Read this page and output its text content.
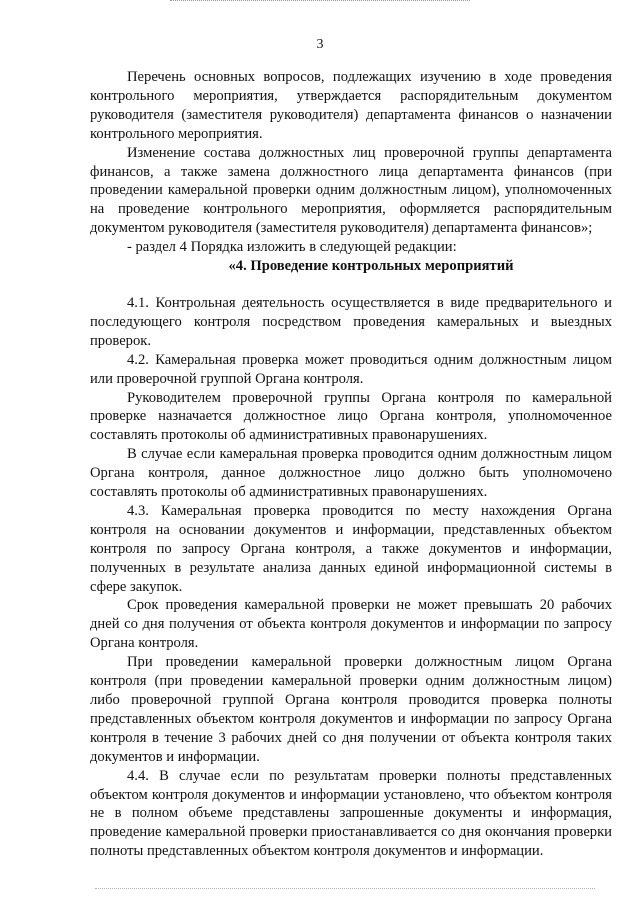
3

Перечень основных вопросов, подлежащих изучению в ходе проведения контрольного мероприятия, утверждается распорядительным документом руководителя (заместителя руководителя) департамента финансов о назначении контрольного мероприятия.

Изменение состава должностных лиц проверочной группы департамента финансов, а также замена должностного лица департамента финансов (при проведении камеральной проверки одним должностным лицом), уполномоченных на проведение контрольного мероприятия, оформляется распорядительным документом руководителя (заместителя руководителя) департамента финансов»;

- раздел 4 Порядка изложить в следующей редакции:

«4. Проведение контрольных мероприятий

4.1. Контрольная деятельность осуществляется в виде предварительного и последующего контроля посредством проведения камеральных и выездных проверок.

4.2. Камеральная проверка может проводиться одним должностным лицом или проверочной группой Органа контроля.

Руководителем проверочной группы Органа контроля по камеральной проверке назначается должностное лицо Органа контроля, уполномоченное составлять протоколы об административных правонарушениях.

В случае если камеральная проверка проводится одним должностным лицом Органа контроля, данное должностное лицо должно быть уполномочено составлять протоколы об административных правонарушениях.

4.3. Камеральная проверка проводится по месту нахождения Органа контроля на основании документов и информации, представленных объектом контроля по запросу Органа контроля, а также документов и информации, полученных в результате анализа данных единой информационной системы в сфере закупок.

Срок проведения камеральной проверки не может превышать 20 рабочих дней со дня получения от объекта контроля документов и информации по запросу Органа контроля.

При проведении камеральной проверки должностным лицом Органа контроля (при проведении камеральной проверки одним должностным лицом) либо проверочной группой Органа контроля проводится проверка полноты представленных объектом контроля документов и информации по запросу Органа контроля в течение 3 рабочих дней со дня получении от объекта контроля таких документов и информации.

4.4. В случае если по результатам проверки полноты представленных объектом контроля документов и информации установлено, что объектом контроля не в полном объеме представлены запрошенные документы и информация, проведение камеральной проверки приостанавливается со дня окончания проверки полноты представленных объектом контроля документов и информации.
